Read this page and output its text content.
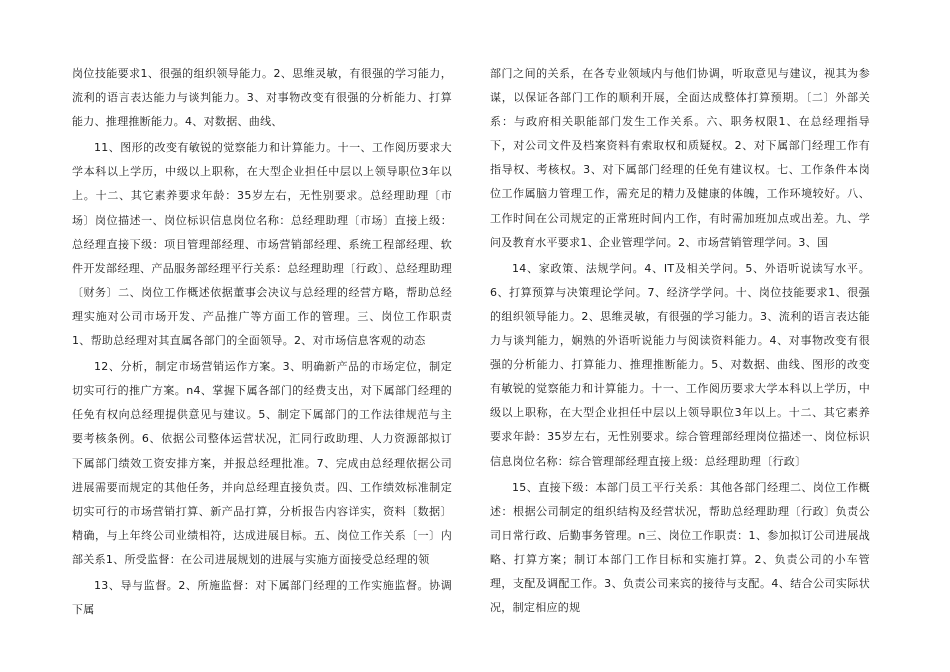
岗位技能要求1、很强的组织领导能力。2、思维灵敏，有很强的学习能力，流利的语言表达能力与谈判能力。3、对事物改变有很强的分析能力、打算能力、推理推断能力。4、对数据、曲线、

11、图形的改变有敏锐的觉察能力和计算能力。十一、工作阅历要求大学本科以上学历，中级以上职称，在大型企业担任中层以上领导职位3年以上。十二、其它素养要求年龄：35岁左右，无性别要求。总经理助理〔市场〕岗位描述一、岗位标识信息岗位名称：总经理助理〔市场〕直接上级：总经理直接下级：项目管理部经理、市场营销部经理、系统工程部经理、软件开发部经理、产品服务部经理平行关系：总经理助理〔行政〕、总经理助理〔财务〕二、岗位工作概述依据董事会决议与总经理的经营方略，帮助总经理实施对公司市场开发、产品推广等方面工作的管理。三、岗位工作职责1、帮助总经理对其直属各部门的全面领导。2、对市场信息客观的动态

12、分析，制定市场营销运作方案。3、明确新产品的市场定位，制定切实可行的推广方案。n4、掌握下属各部门的经费支出，对下属部门经理的任免有权向总经理提供意见与建议。5、制定下属部门的工作法律规范与主要考核条例。6、依据公司整体运营状况，汇同行政助理、人力资源部拟订下属部门绩效工资安排方案，并报总经理批准。7、完成由总经理依据公司进展需要而规定的其他任务，并向总经理直接负责。四、工作绩效标准制定切实可行的市场营销打算、新产品打算，分析报告内容详实，资料〔数据〕精确，与上年终公司业绩相符，达成进展目标。五、岗位工作关系〔一〕内部关系1、所受监督：在公司进展规划的进展与实施方面接受总经理的领

13、导与监督。2、所施监督：对下属部门经理的工作实施监督。协调下属

部门之间的关系，在各专业领域内与他们协调，听取意见与建议，视其为参谋，以保证各部门工作的顺利开展，全面达成整体打算预期。〔二〕外部关系：与政府相关职能部门发生工作关系。六、职务权限1、在总经理指导下，对公司文件及档案资料有索取权和质疑权。2、对下属部门经理工作有指导权、考核权。3、对下属部门经理的任免有建议权。七、工作条件本岗位工作属脑力管理工作，需充足的精力及健康的体魄，工作环境较好。八、工作时间在公司规定的正常班时间内工作，有时需加班加点或出差。九、学问及教育水平要求1、企业管理学问。2、市场营销管理学问。3、国

14、家政策、法规学问。4、IT及相关学问。5、外语听说读写水平。6、打算预算与决策理论学问。7、经济学学问。十、岗位技能要求1、很强的组织领导能力。2、思维灵敏，有很强的学习能力。3、流利的语言表达能力与谈判能力，娴熟的外语听说能力与阅读资料能力。4、对事物改变有很强的分析能力、打算能力、推理推断能力。5、对数据、曲线、图形的改变有敏锐的觉察能力和计算能力。十一、工作阅历要求大学本科以上学历，中级以上职称，在大型企业担任中层以上领导职位3年以上。十二、其它素养要求年龄：35岁左右，无性别要求。综合管理部经理岗位描述一、岗位标识信息岗位名称：综合管理部经理直接上级：总经理助理〔行政〕

15、直接下级：本部门员工平行关系：其他各部门经理二、岗位工作概述：根据公司制定的组织结构及经营状况，帮助总经理助理〔行政〕负责公司日常行政、后勤事务管理。n三、岗位工作职责：1、参加拟订公司进展战略、打算方案；制订本部门工作目标和实施打算。2、负责公司的小车管理，支配及调配工作。3、负责公司来宾的接待与支配。4、结合公司实际状况，制定相应的规
